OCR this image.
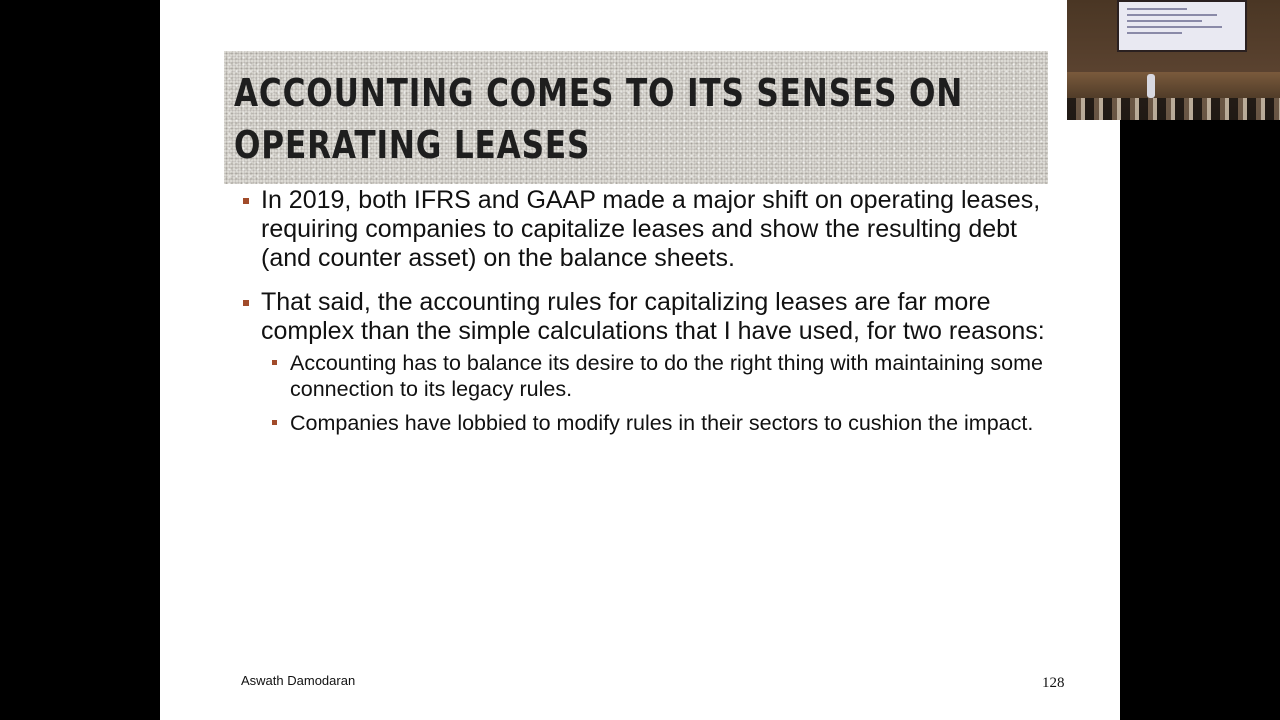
ACCOUNTING COMES TO ITS SENSES ON OPERATING LEASES
In 2019, both IFRS and GAAP made a major shift on operating leases, requiring companies to capitalize leases and show the resulting debt (and counter asset) on the balance sheets.
That said, the accounting rules for capitalizing leases are far more complex than the simple calculations that I have used, for two reasons:
Accounting has to balance its desire to do the right thing with maintaining some connection to its legacy rules.
Companies have lobbied to modify rules in their sectors to cushion the impact.
Aswath Damodaran	128
